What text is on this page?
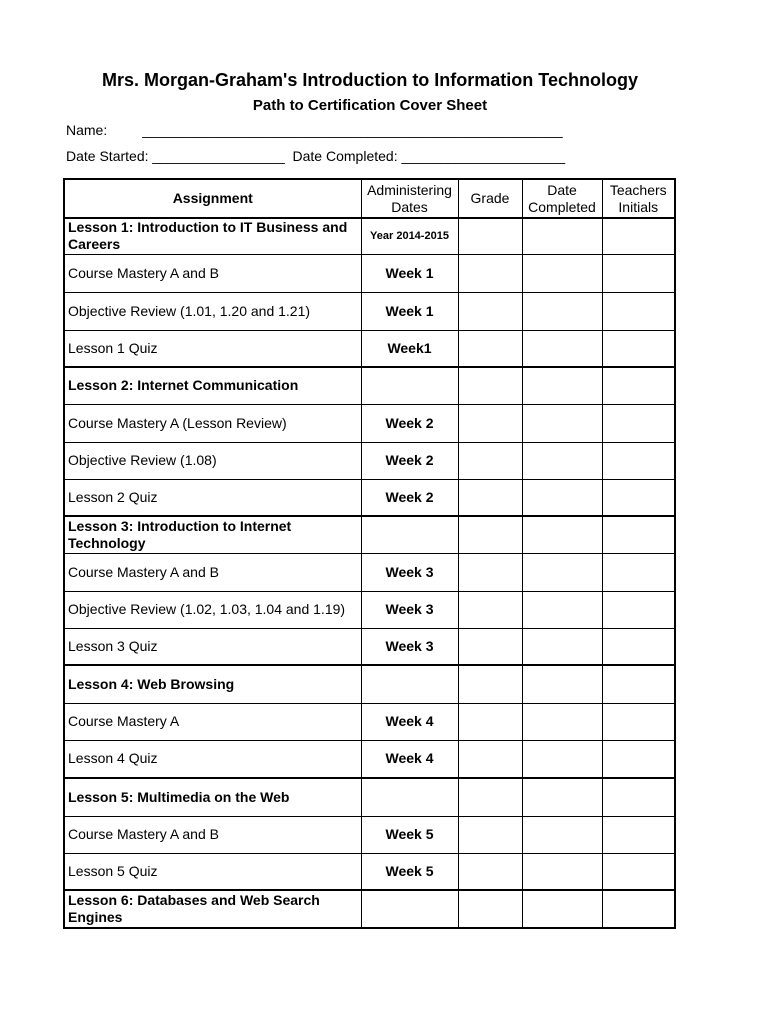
Mrs. Morgan-Graham's Introduction to Information Technology
Path to Certification Cover Sheet
Name:         ______________________________________________________
Date Started: _________________  Date Completed: _____________________
Assignment	Administering Dates	Grade	Date Completed	Teachers Initials
Lesson 1: Introduction to IT Business and Careers	Year 2014-2015			
Course Mastery A and B	Week 1			
Objective Review (1.01, 1.20 and 1.21)	Week 1			
Lesson 1 Quiz	Week1			
Lesson 2: Internet Communication				
Course Mastery A (Lesson Review)	Week 2			
Objective Review (1.08)	Week 2			
Lesson 2 Quiz	Week 2			
Lesson 3: Introduction to Internet Technology				
Course Mastery A and B	Week 3			
Objective Review (1.02, 1.03, 1.04 and 1.19)	Week 3			
Lesson 3 Quiz	Week 3			
Lesson 4: Web Browsing				
Course Mastery A	Week 4			
Lesson 4 Quiz	Week 4			
Lesson 5: Multimedia on the Web				
Course Mastery A and B	Week 5			
Lesson 5 Quiz	Week 5			
Lesson 6: Databases and Web Search Engines				
